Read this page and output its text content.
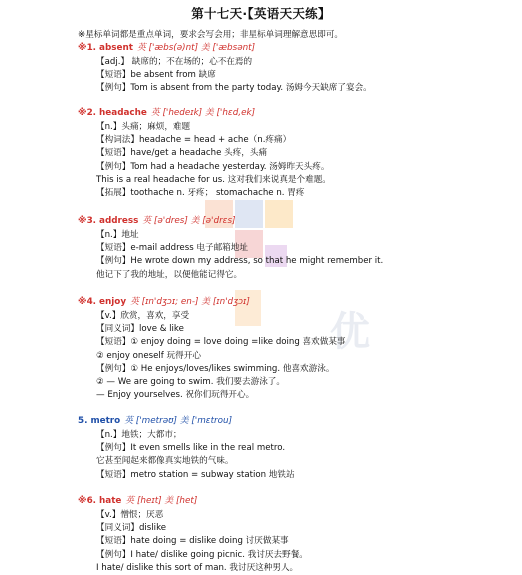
优
第十七天·【英语天天练】
※星标单词都是重点单词，要求会写会用；非星标单词理解意思即可。
※1. absent 英 ['æbs(ə)nt] 美 ['æbsənt]
【adj.】 缺席的；不在场的；心不在焉的
【短语】be absent from 缺席
【例句】Tom is absent from the party today. 汤姆今天缺席了宴会。
※2. headache 英 ['hedeɪk] 美 ['hɛd,ek]
【n.】头痛；麻烦，难题
【构词法】headache = head + ache（n.疼痛）
【短语】have/get a headache 头疼，头痛
【例句】Tom had a headache yesterday. 汤姆昨天头疼。
This is a real headache for us. 这对我们来说真是个难题。
【拓展】toothache n. 牙疼； stomachache n. 胃疼
※3. address 英 [ə'dres] 美 [ə'drɛs]
【n.】地址
【短语】e-mail address 电子邮箱地址
【例句】He wrote down my address, so that he might remember it.
他记下了我的地址，以便他能记得它。
※4. enjoy 英 [ɪn'dʒɔɪ; en-] 美 [ɪn'dʒɔɪ]
【v.】欣赏，喜欢，享受
【同义词】love & like
【短语】① enjoy doing = love doing =like doing 喜欢做某事
② enjoy oneself 玩得开心
【例句】① He enjoys/loves/likes swimming. 他喜欢游泳。
② — We are going to swim. 我们要去游泳了。
— Enjoy yourselves. 祝你们玩得开心。
5. metro 英 ['metrəʊ] 美 ['mɛtrou]
【n.】地铁；大都市；
【例句】It even smells like in the real metro.
它甚至闻起来都像真实地铁的气味。
【短语】metro station = subway station 地铁站
※6. hate 英 [heɪt] 美 [het]
【v.】憎恨；厌恶
【同义词】dislike
【短语】hate doing = dislike doing 讨厌做某事
【例句】I hate/ dislike going picnic. 我讨厌去野餐。
I hate/ dislike this sort of man. 我讨厌这种男人。
